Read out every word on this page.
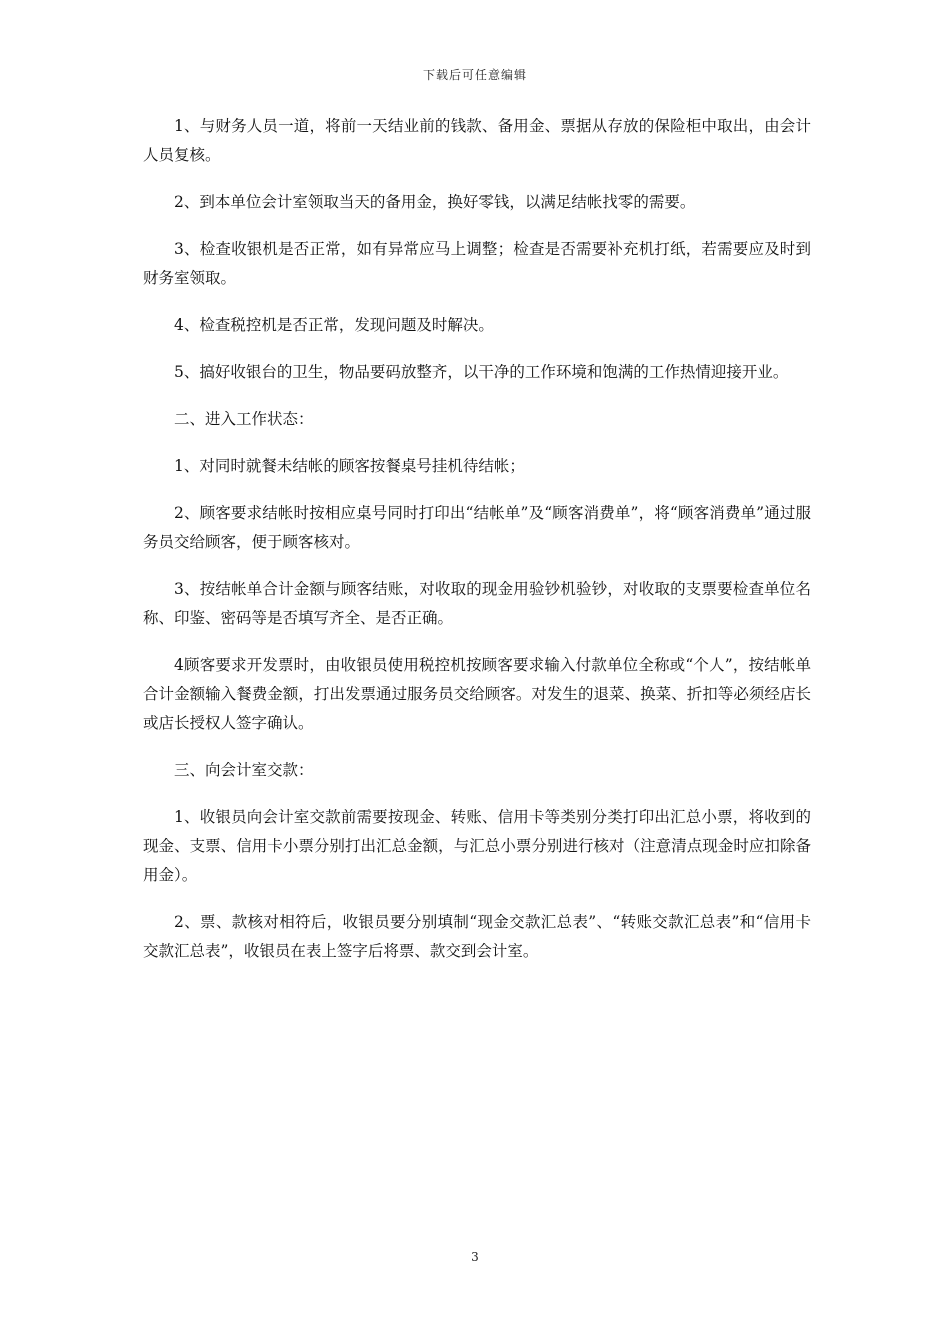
下载后可任意编辑

1、与财务人员一道，将前一天结业前的钱款、备用金、票据从存放的保险柜中取出，由会计人员复核。

2、到本单位会计室领取当天的备用金，换好零钱，以满足结帐找零的需要。

3、检查收银机是否正常，如有异常应马上调整；检查是否需要补充机打纸，若需要应及时到财务室领取。

4、检查税控机是否正常，发现问题及时解决。

5、搞好收银台的卫生，物品要码放整齐，以干净的工作环境和饱满的工作热情迎接开业。

二、进入工作状态：

1、对同时就餐未结帐的顾客按餐桌号挂机待结帐；

2、顾客要求结帐时按相应桌号同时打印出“结帐单”及“顾客消费单”，将“顾客消费单”通过服务员交给顾客，便于顾客核对。

3、按结帐单合计金额与顾客结账，对收取的现金用验钞机验钞，对收取的支票要检查单位名称、印鉴、密码等是否填写齐全、是否正确。

4顾客要求开发票时，由收银员使用税控机按顾客要求输入付款单位全称或“个人”，按结帐单合计金额输入餐费金额，打出发票通过服务员交给顾客。对发生的退菜、换菜、折扣等必须经店长或店长授权人签字确认。

三、向会计室交款：

1、收银员向会计室交款前需要按现金、转账、信用卡等类别分类打印出汇总小票，将收到的现金、支票、信用卡小票分别打出汇总金额，与汇总小票分别进行核对（注意清点现金时应扣除备用金）。

2、票、款核对相符后，收银员要分别填制“现金交款汇总表”、“转账交款汇总表”和“信用卡交款汇总表”，收银员在表上签字后将票、款交到会计室。

3
